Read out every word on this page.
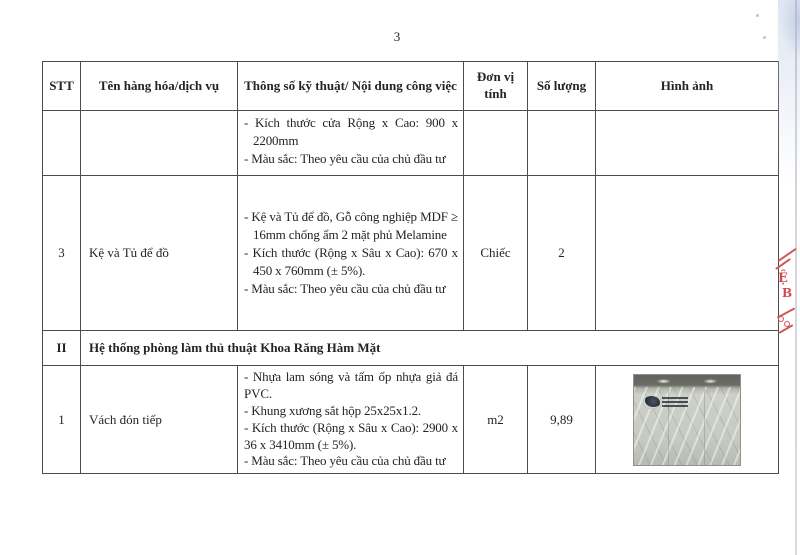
3
STT	Tên hàng hóa/dịch vụ	Thông số kỹ thuật/ Nội dung công việc	Đơn vị tính	Số lượng	Hình ảnh

		- Kích thước cửa Rộng x Cao: 900 x 2200mm
- Màu sắc: Theo yêu cầu của chủ đầu tư			

3	Kệ và Tủ để đồ	- Kệ và Tủ để đồ, Gỗ công nghiệp MDF ≥ 16mm chống ẩm 2 mặt phủ Melamine
- Kích thước (Rộng x Sâu x Cao): 670 x 450 x 760mm (± 5%).
- Màu sắc: Theo yêu cầu của chủ đầu tư	Chiếc	2	
II	Hệ thống phòng làm thủ thuật Khoa Răng Hàm Mặt				
1	Vách đón tiếp	- Nhựa lam sóng và tấm ốp nhựa giả đá PVC.
- Khung xương sắt hộp 25x25x1.2.
- Kích thước (Rộng x Sâu x Cao): 2900 x 36 x 3410mm (± 5%).
- Màu sắc: Theo yêu cầu của chủ đầu tư	m2	9,89	
Ệ
B
